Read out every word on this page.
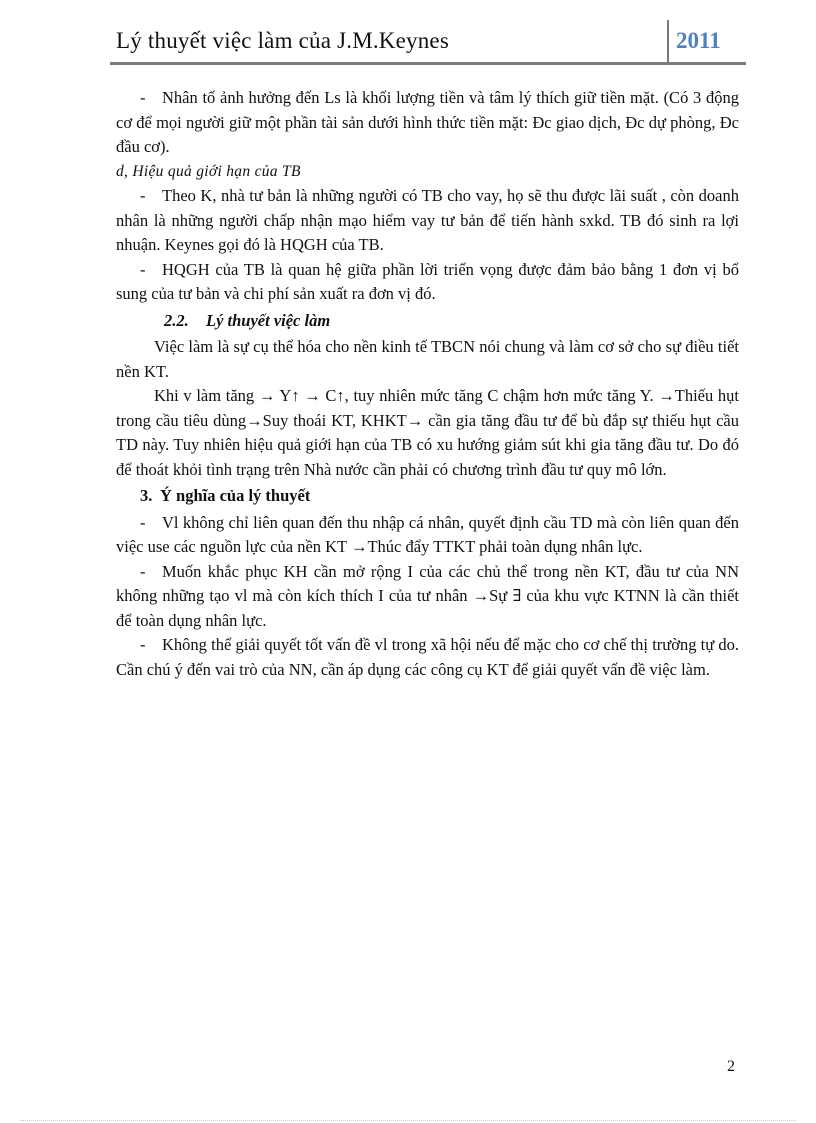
Lý thuyết việc làm của J.M.Keynes	2011

- Nhân tố ảnh hưởng đến Ls là khối lượng tiền và tâm lý thích giữ tiền mặt. (Có 3 động cơ để mọi người giữ một phần tài sản dưới hình thức tiền mặt: Đc giao dịch, Đc dự phòng, Đc đầu cơ).

d, Hiệu quả giới hạn của TB

- Theo K, nhà tư bản là những người có TB cho vay, họ sẽ thu được lãi suất , còn doanh nhân là những người chấp nhận mạo hiểm vay tư bản để tiến hành sxkd. TB đó sinh ra lợi nhuận. Keynes gọi đó là HQGH của TB.

- HQGH của TB là quan hệ giữa phần lời triển vọng được đảm bảo bằng 1 đơn vị bổ sung của tư bản và chi phí sản xuất ra đơn vị đó.

2.2. Lý thuyết việc làm

Việc làm là sự cụ thể hóa cho nền kinh tế TBCN nói chung và làm cơ sở cho sự điều tiết nền KT.

Khi v làm tăng → Y↑ → C↑, tuy nhiên mức tăng C chậm hơn mức tăng Y. →Thiếu hụt trong cầu tiêu dùng→Suy thoái KT, KHKT→ cần gia tăng đầu tư để bù đắp sự thiếu hụt cầu TD này. Tuy nhiên hiệu quả giới hạn của TB có xu hướng giảm sút khi gia tăng đầu tư. Do đó để thoát khỏi tình trạng trên Nhà nước cần phải có chương trình đầu tư quy mô lớn.

3. Ý nghĩa của lý thuyết

- Vl không chỉ liên quan đến thu nhập cá nhân, quyết định cầu TD mà còn liên quan đến việc use các nguồn lực của nền KT →Thúc đẩy TTKT phải toàn dụng nhân lực.

- Muốn khắc phục KH cần mở rộng I của các chủ thể trong nền KT, đầu tư của NN không những tạo vl mà còn kích thích I của tư nhân →Sự ∃ của khu vực KTNN là cần thiết để toàn dụng nhân lực.

- Không thể giải quyết tốt vấn đề vl trong xã hội nếu để mặc cho cơ chế thị trường tự do. Cần chú ý đến vai trò của NN, cần áp dụng các công cụ KT để giải quyết vấn đề việc làm.

2
